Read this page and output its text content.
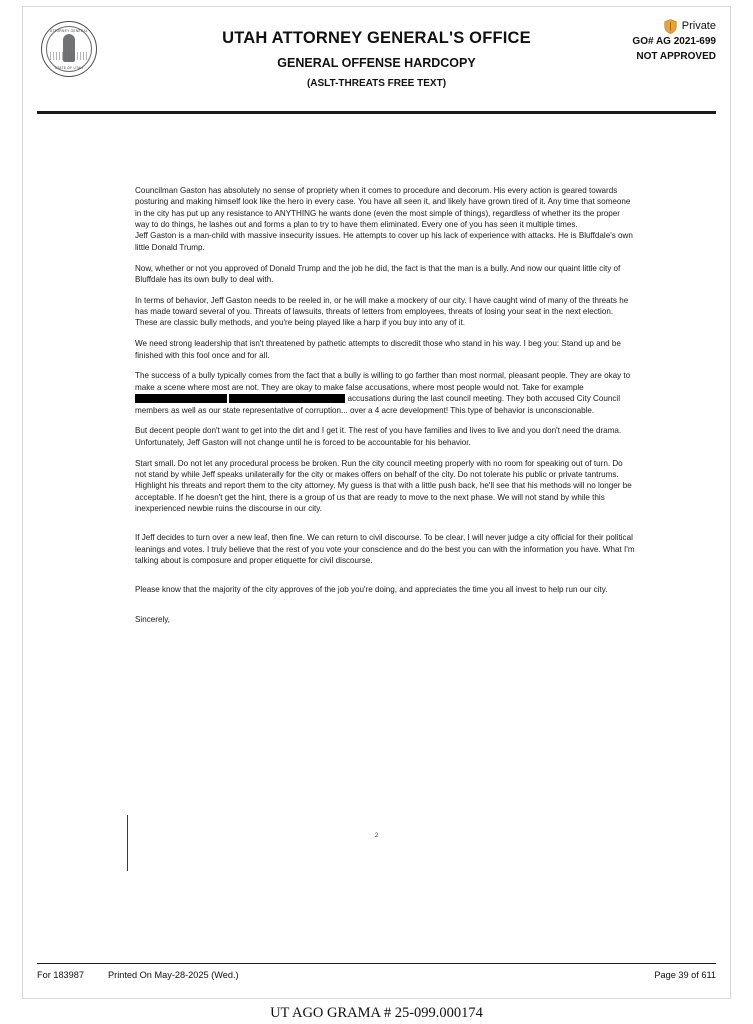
ATTORNEY GENERAL
STATE OF UTAH
UTAH ATTORNEY GENERAL'S OFFICE
GENERAL OFFENSE HARDCOPY
(ASLT-THREATS FREE TEXT)
Private
GO# AG 2021-699
NOT APPROVED

Councilman Gaston has absolutely no sense of propriety when it comes to procedure and decorum. His every action is geared towards posturing and making himself look like the hero in every case. You have all seen it, and likely have grown tired of it. Any time that someone in the city has put up any resistance to ANYTHING he wants done (even the most simple of things), regardless of whether its the proper way to do things, he lashes out and forms a plan to try to have them eliminated. Every one of you has seen it multiple times.

Jeff Gaston is a man-child with massive insecurity issues. He attempts to cover up his lack of experience with attacks. He is Bluffdale's own little Donald Trump.

Now, whether or not you approved of Donald Trump and the job he did, the fact is that the man is a bully. And now our quaint little city of Bluffdale has its own bully to deal with.

In terms of behavior, Jeff Gaston needs to be reeled in, or he will make a mockery of our city. I have caught wind of many of the threats he has made toward several of you. Threats of lawsuits, threats of letters from employees, threats of losing your seat in the next election. These are classic bully methods, and you're being played like a harp if you buy into any of it.

We need strong leadership that isn't threatened by pathetic attempts to discredit those who stand in his way. I beg you: Stand up and be finished with this fool once and for all.

The success of a bully typically comes from the fact that a bully is willing to go farther than most normal, pleasant people. They are okay to make a scene where most are not. They are okay to make false accusations, where most people would not. Take for example     accusations during the last council meeting. They both accused City Council members as well as our state representative of corruption... over a 4 acre development! This type of behavior is unconscionable.

But decent people don't want to get into the dirt and I get it. The rest of you have families and lives to live and you don't need the drama. Unfortunately, Jeff Gaston will not change until he is forced to be accountable for his behavior.

Start small. Do not let any procedural process be broken. Run the city council meeting properly with no room for speaking out of turn. Do not stand by while Jeff speaks unilaterally for the city or makes offers on behalf of the city. Do not tolerate his public or private tantrums. Highlight his threats and report them to the city attorney. My guess is that with a little push back, he'll see that his methods will no longer be acceptable. If he doesn't get the hint, there is a group of us that are ready to move to the next phase. We will not stand by while this inexperienced newbie ruins the discourse in our city.

If Jeff decides to turn over a new leaf, then fine. We can return to civil discourse. To be clear, I will never judge a city official for their political leanings and votes. I truly believe that the rest of you vote your conscience and do the best you can with the information you have. What I'm talking about is composure and proper etiquette for civil discourse.

Please know that the majority of the city approves of the job you're doing, and appreciates the time you all invest to help run our city.

Sincerely,

2
For 183987	Printed On May-28-2025 (Wed.)	Page 39 of 611
UT AGO GRAMA # 25-099.000174
